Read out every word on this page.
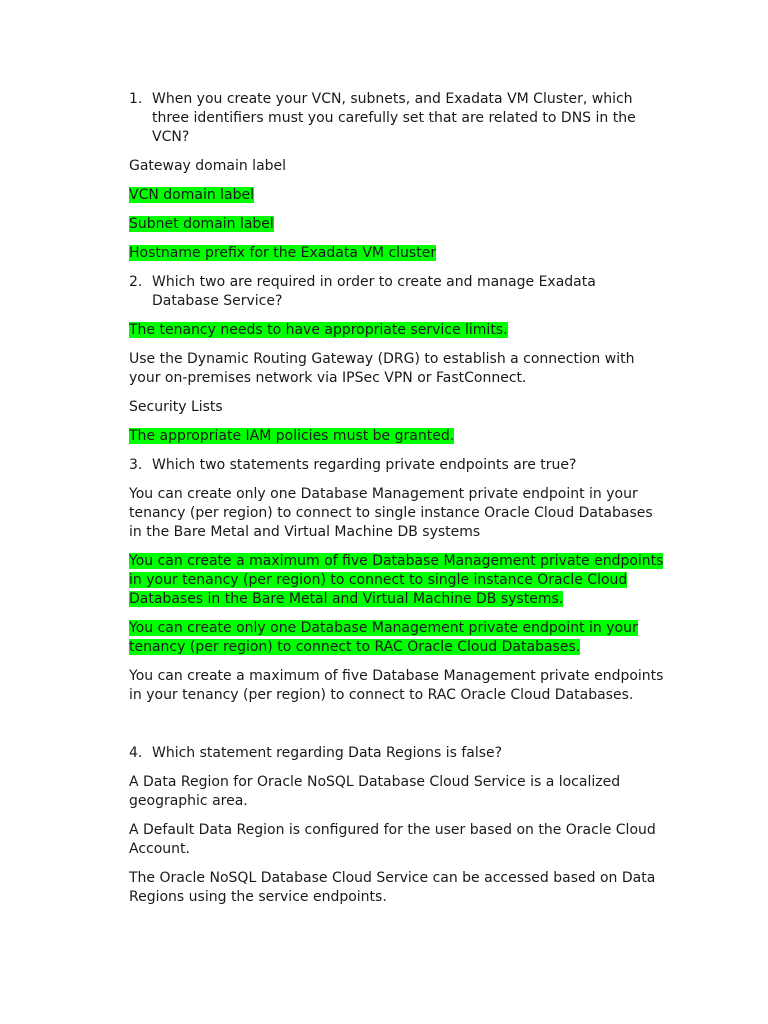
1. When you create your VCN, subnets, and Exadata VM Cluster, which three identifiers must you carefully set that are related to DNS in the VCN?
Gateway domain label
VCN domain label
Subnet domain label
Hostname prefix for the Exadata VM cluster
2. Which two are required in order to create and manage Exadata Database Service?
The tenancy needs to have appropriate service limits.
Use the Dynamic Routing Gateway (DRG) to establish a connection with your on-premises network via IPSec VPN or FastConnect.
Security Lists
The appropriate IAM policies must be granted.
3. Which two statements regarding private endpoints are true?
You can create only one Database Management private endpoint in your tenancy (per region) to connect to single instance Oracle Cloud Databases in the Bare Metal and Virtual Machine DB systems
You can create a maximum of five Database Management private endpoints in your tenancy (per region) to connect to single instance Oracle Cloud Databases in the Bare Metal and Virtual Machine DB systems.
You can create only one Database Management private endpoint in your tenancy (per region) to connect to RAC Oracle Cloud Databases.
You can create a maximum of five Database Management private endpoints in your tenancy (per region) to connect to RAC Oracle Cloud Databases.
4. Which statement regarding Data Regions is false?
A Data Region for Oracle NoSQL Database Cloud Service is a localized geographic area.
A Default Data Region is configured for the user based on the Oracle Cloud Account.
The Oracle NoSQL Database Cloud Service can be accessed based on Data Regions using the service endpoints.
